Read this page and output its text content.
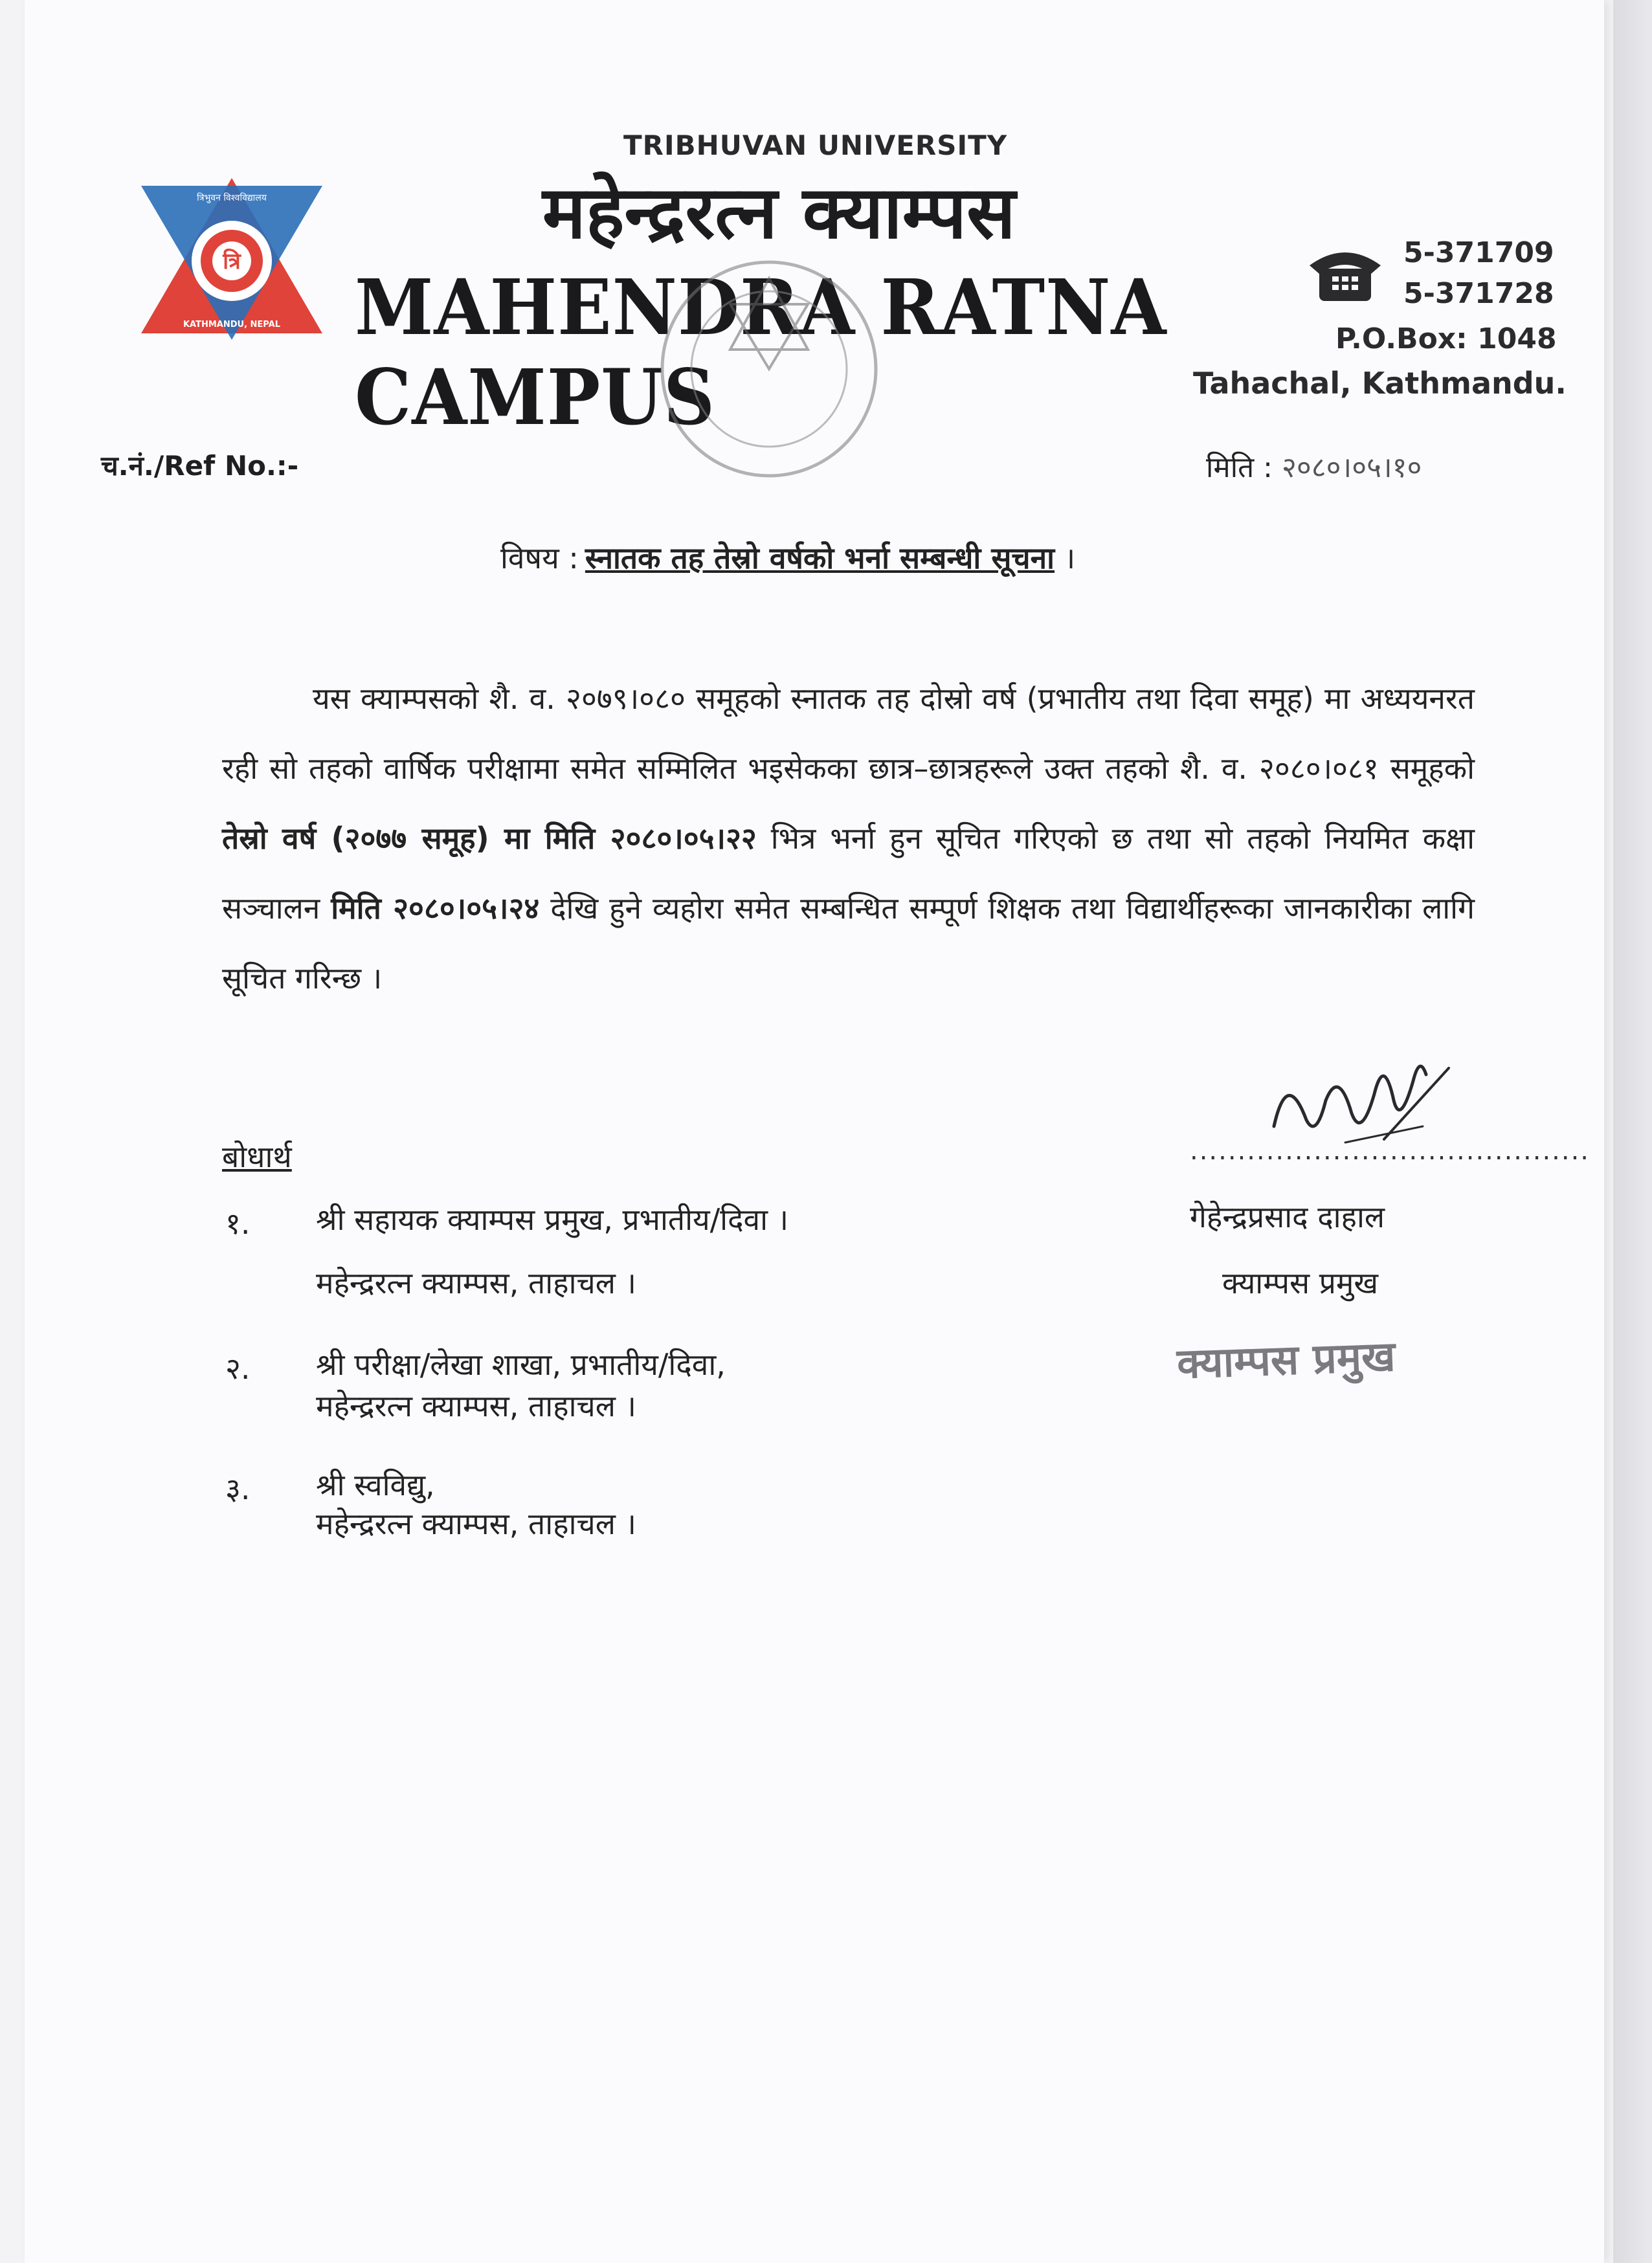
त्रि
त्रिभुवन विश्वविद्यालय
KATHMANDU, NEPAL
TRIBHUVAN UNIVERSITY
महेन्द्ररत्न क्याम्पस
MAHENDRA RATNA CAMPUS
5-371709
5-371728
P.O.Box: 1048
Tahachal, Kathmandu.
च.नं./Ref No.:-	मिति : २०८०।०५।१०
विषय : स्नातक तह तेस्रो वर्षको भर्ना सम्बन्धी सूचना ।
यस क्याम्पसको शै. व. २०७९।०८० समूहको स्नातक तह दोस्रो वर्ष (प्रभातीय तथा दिवा समूह) मा अध्ययनरत रही सो तहको वार्षिक परीक्षामा समेत सम्मिलित भइसेकका छात्र–छात्रहरूले उक्त तहको शै. व. २०८०।०८१ समूहको तेस्रो वर्ष (२०७७ समूह) मा मिति २०८०।०५।२२ भित्र भर्ना हुन सूचित गरिएको छ तथा सो तहको नियमित कक्षा सञ्चालन मिति २०८०।०५।२४ देखि हुने व्यहोरा समेत सम्बन्धित सम्पूर्ण शिक्षक तथा विद्यार्थीहरूका जानकारीका लागि सूचित गरिन्छ ।
बोधार्थ
१. श्री सहायक क्याम्पस प्रमुख, प्रभातीय/दिवा ।
महेन्द्ररत्न क्याम्पस, ताहाचल ।
२. श्री परीक्षा/लेखा शाखा, प्रभातीय/दिवा,
महेन्द्ररत्न क्याम्पस, ताहाचल ।
३. श्री स्वविद्यु,
महेन्द्ररत्न क्याम्पस, ताहाचल ।
..........................................
गेहेन्द्रप्रसाद दाहाल
क्याम्पस प्रमुख
क्याम्पस प्रमुख
